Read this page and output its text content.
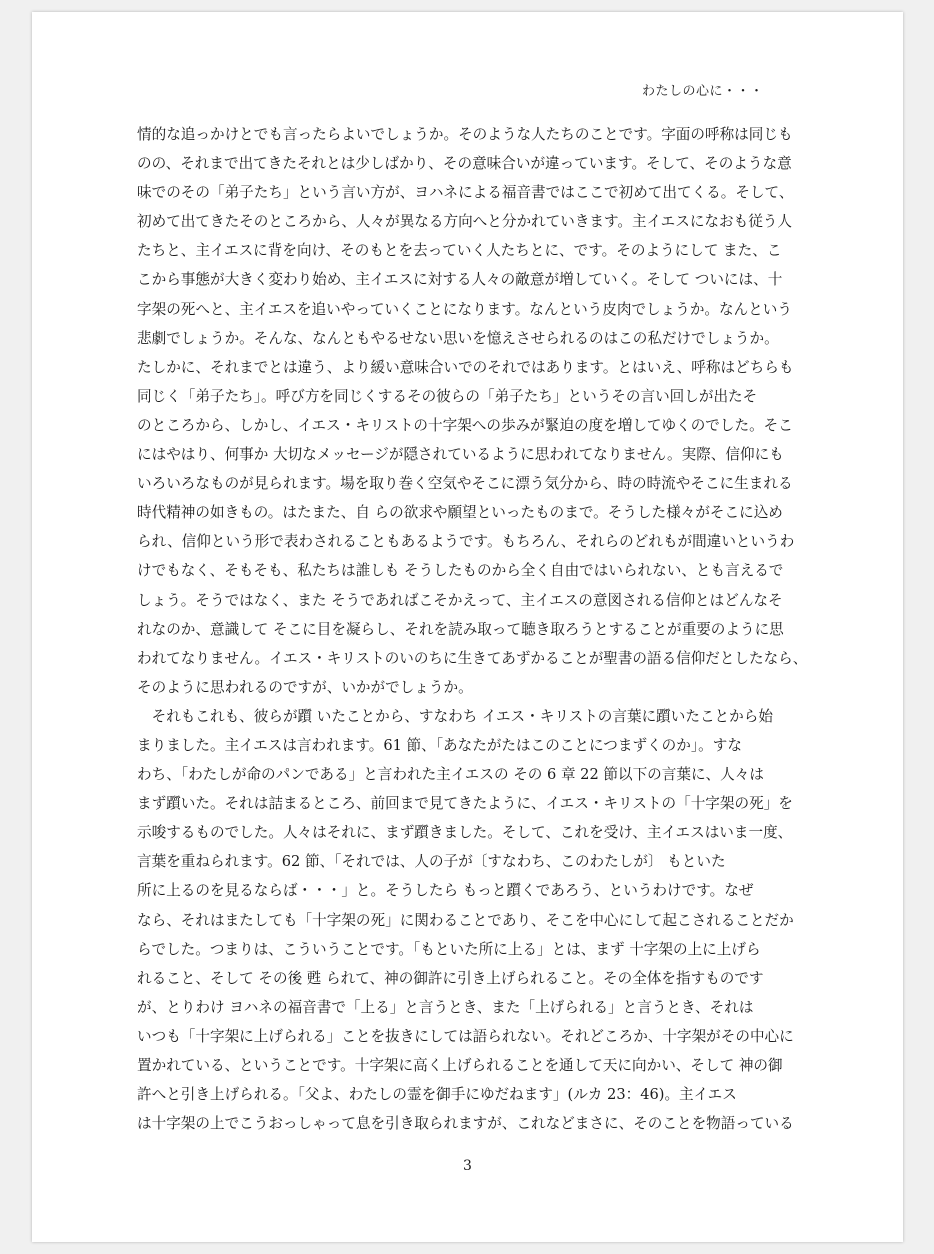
わたしの心に・・・
情的な追っかけとでも言ったらよいでしょうか。そのような人たちのことです。字面の呼称は同じも
のの、それまで出てきたそれとは少しばかり、その意味合いが違っています。そして、そのような意
味でのその「弟子たち」という言い方が、ヨハネによる福音書ではここで初めて出てくる。そして、
初めて出てきたそのところから、人々が異なる方向へと分かれていきます。主イエスになおも従う人
たちと、主イエスに背を向け、そのもとを去っていく人たちとに、です。そのようにして また、こ
こから事態が大きく変わり始め、主イエスに対する人々の敵意が増していく。そして ついには、十
字架の死へと、主イエスを追いやっていくことになります。なんという皮肉でしょうか。なんという
悲劇でしょうか。そんな、なんともやるせない思いを憶えさせられるのはこの私だけでしょうか。
たしかに、それまでとは違う、より緩い意味合いでのそれではあります。とはいえ、呼称はどちらも
同じく「弟子たち」。呼び方を同じくするその彼らの「弟子たち」というその言い回しが出たそ
のところから、しかし、イエス・キリストの十字架への歩みが緊迫の度を増してゆくのでした。そこ
にはやはり、何事か 大切なメッセージが隠されているように思われてなりません。実際、信仰にも
いろいろなものが見られます。場を取り巻く空気やそこに漂う気分から、時の時流やそこに生まれる
時代精神の如きもの。はたまた、自 らの欲求や願望といったものまで。そうした様々がそこに込め
られ、信仰という形で表わされることもあるようです。もちろん、それらのどれもが間違いというわ
けでもなく、そもそも、私たちは誰しも そうしたものから全く自由ではいられない、とも言えるで
しょう。そうではなく、また そうであればこそかえって、主イエスの意図される信仰とはどんなそ
れなのか、意識して そこに目を凝らし、それを読み取って聴き取ろうとすることが重要のように思
われてなりません。イエス・キリストのいのちに生きてあずかることが聖書の語る信仰だとしたなら、
そのように思われるのですが、いかがでしょうか。
　それもこれも、彼らが躓 いたことから、すなわち イエス・キリストの言葉に躓いたことから始
まりました。主イエスは言われます。61 節、「あなたがたはこのことにつまずくのか」。すな
わち、「わたしが命のパンである」と言われた主イエスの その 6 章 22 節以下の言葉に、人々は
まず躓いた。それは詰まるところ、前回まで見てきたように、イエス・キリストの「十字架の死」を
示唆するものでした。人々はそれに、まず躓きました。そして、これを受け、主イエスはいま一度、
言葉を重ねられます。62 節、「それでは、人の子が〔すなわち、このわたしが〕 もといた
所に上るのを見るならば・・・」と。そうしたら もっと躓くであろう、というわけです。なぜ
なら、それはまたしても「十字架の死」に関わることであり、そこを中心にして起こされることだか
らでした。つまりは、こういうことです。「もといた所に上る」とは、まず 十字架の上に上げら
れること、そして その後 甦 られて、神の御許に引き上げられること。その全体を指すものです
が、とりわけ ヨハネの福音書で「上る」と言うとき、また「上げられる」と言うとき、それは
いつも「十字架に上げられる」ことを抜きにしては語られない。それどころか、十字架がその中心に
置かれている、ということです。十字架に高く上げられることを通して天に向かい、そして 神の御
許へと引き上げられる。「父よ、わたしの霊を御手にゆだねます」(ルカ 23：46)。主イエス
は十字架の上でこうおっしゃって息を引き取られますが、これなどまさに、そのことを物語っている
3
